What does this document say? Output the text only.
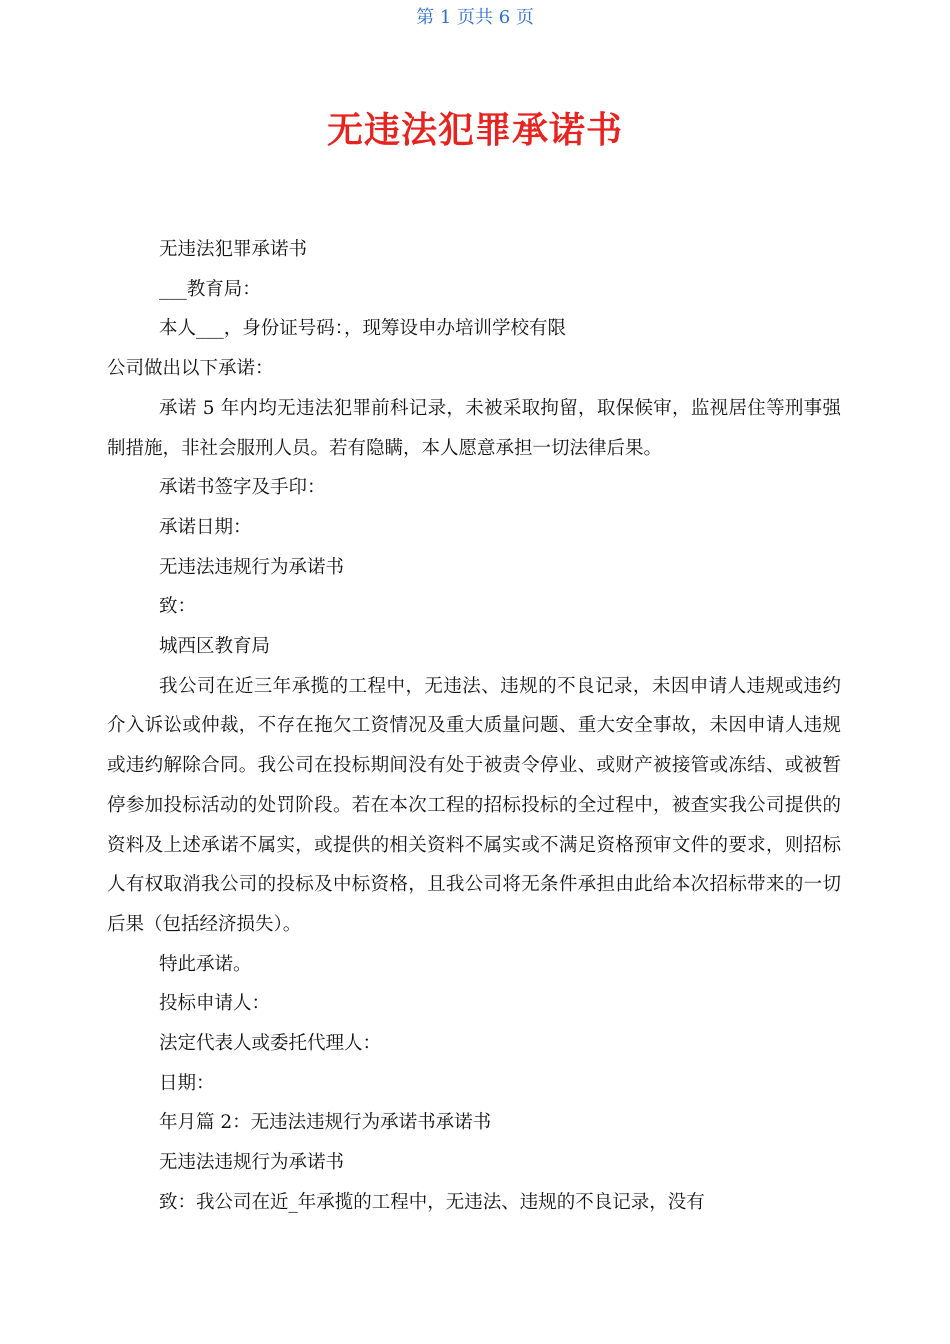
第 1 页共 6 页
无违法犯罪承诺书

无违法犯罪承诺书

___教育局：

本人___，身份证号码：，现筹设申办培训学校有限

公司做出以下承诺：

承诺 5 年内均无违法犯罪前科记录，未被采取拘留，取保候审，监视居住等刑事强制措施，非社会服刑人员。若有隐瞒，本人愿意承担一切法律后果。

承诺书签字及手印：

承诺日期：

无违法违规行为承诺书

致：

城西区教育局

我公司在近三年承揽的工程中，无违法、违规的不良记录，未因申请人违规或违约介入诉讼或仲裁，不存在拖欠工资情况及重大质量问题、重大安全事故，未因申请人违规或违约解除合同。我公司在投标期间没有处于被责令停业、或财产被接管或冻结、或被暂停参加投标活动的处罚阶段。若在本次工程的招标投标的全过程中，被查实我公司提供的资料及上述承诺不属实，或提供的相关资料不属实或不满足资格预审文件的要求，则招标人有权取消我公司的投标及中标资格，且我公司将无条件承担由此给本次招标带来的一切后果（包括经济损失）。

特此承诺。

投标申请人：

法定代表人或委托代理人：

日期：

年月篇 2：无违法违规行为承诺书承诺书

无违法违规行为承诺书

致：我公司在近_年承揽的工程中，无违法、违规的不良记录，没有
